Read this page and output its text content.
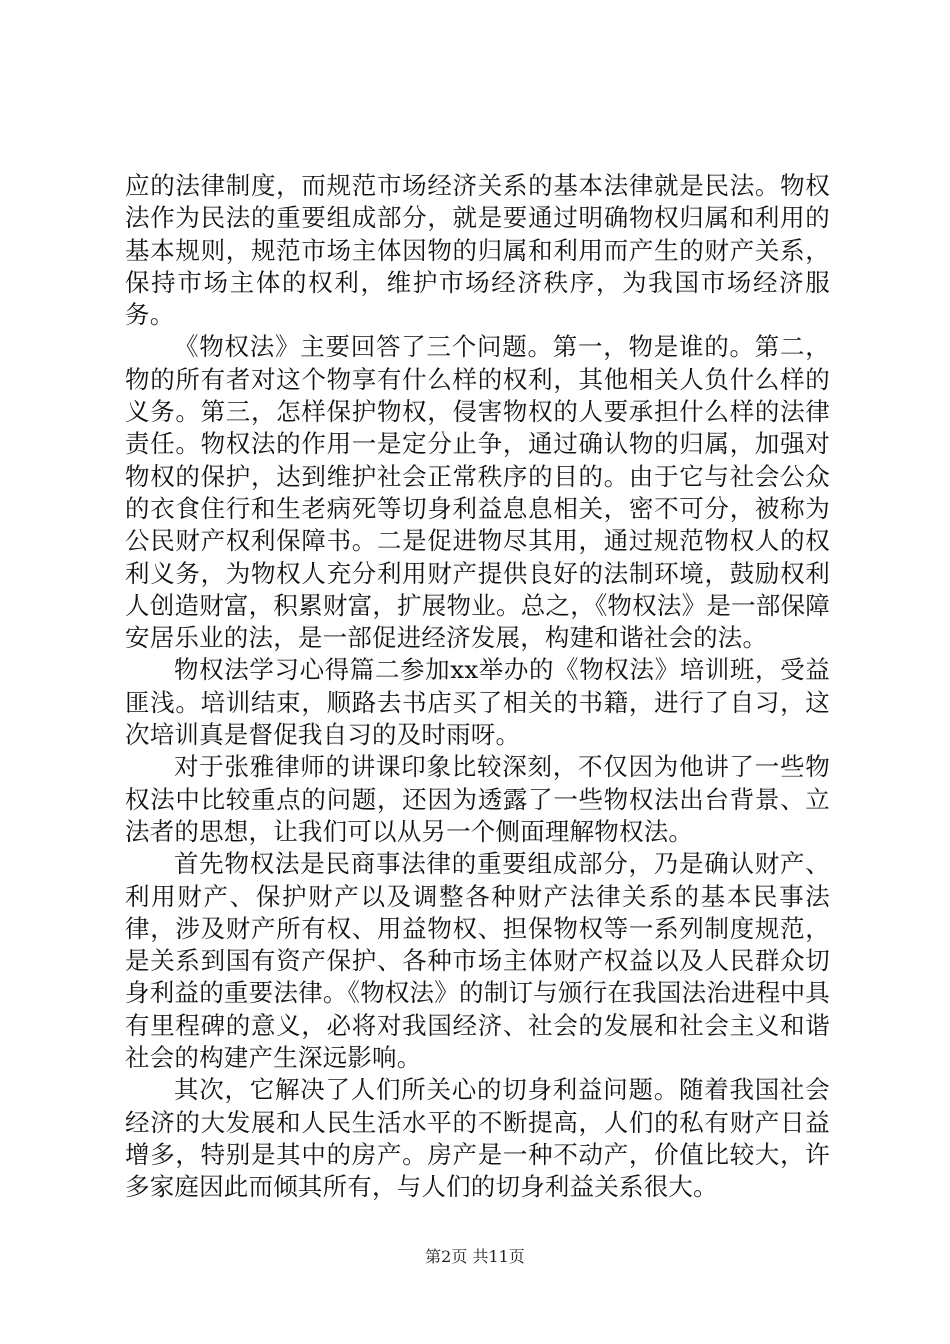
应的法律制度，而规范市场经济关系的基本法律就是民法。物权法作为民法的重要组成部分，就是要通过明确物权归属和利用的基本规则，规范市场主体因物的归属和利用而产生的财产关系，保持市场主体的权利，维护市场经济秩序，为我国市场经济服务。

《物权法》主要回答了三个问题。第一，物是谁的。第二，物的所有者对这个物享有什么样的权利，其他相关人负什么样的义务。第三，怎样保护物权，侵害物权的人要承担什么样的法律责任。物权法的作用一是定分止争，通过确认物的归属，加强对物权的保护，达到维护社会正常秩序的目的。由于它与社会公众的衣食住行和生老病死等切身利益息息相关，密不可分，被称为公民财产权利保障书。二是促进物尽其用，通过规范物权人的权利义务，为物权人充分利用财产提供良好的法制环境，鼓励权利人创造财富，积累财富，扩展物业。总之，《物权法》是一部保障安居乐业的法，是一部促进经济发展，构建和谐社会的法。

物权法学习心得篇二参加xx举办的《物权法》培训班，受益匪浅。培训结束，顺路去书店买了相关的书籍，进行了自习，这次培训真是督促我自习的及时雨呀。

对于张雅律师的讲课印象比较深刻，不仅因为他讲了一些物权法中比较重点的问题，还因为透露了一些物权法出台背景、立法者的思想，让我们可以从另一个侧面理解物权法。

首先物权法是民商事法律的重要组成部分，乃是确认财产、利用财产、保护财产以及调整各种财产法律关系的基本民事法律，涉及财产所有权、用益物权、担保物权等一系列制度规范，是关系到国有资产保护、各种市场主体财产权益以及人民群众切身利益的重要法律。《物权法》的制订与颁行在我国法治进程中具有里程碑的意义，必将对我国经济、社会的发展和社会主义和谐社会的构建产生深远影响。

其次，它解决了人们所关心的切身利益问题。随着我国社会经济的大发展和人民生活水平的不断提高，人们的私有财产日益增多，特别是其中的房产。房产是一种不动产，价值比较大，许多家庭因此而倾其所有，与人们的切身利益关系很大。

第2页 共11页
